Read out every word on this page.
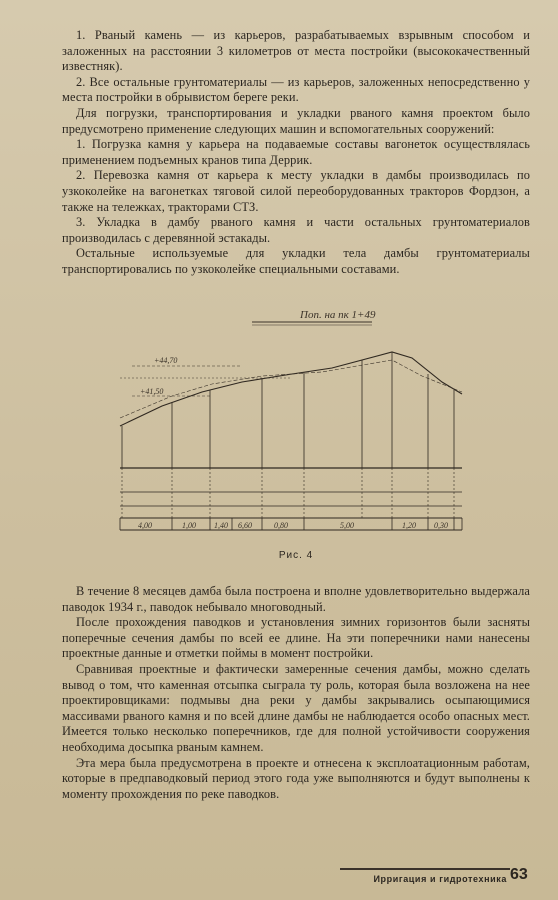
1. Рваный камень — из карьеров, разрабатываемых взрывным способом и заложенных на расстоянии 3 километров от места постройки (высококачественный известняк).

2. Все остальные грунтоматериалы — из карьеров, заложенных непосредственно у места постройки в обрывистом береге реки.

Для погрузки, транспортирования и укладки рваного камня проектом было предусмотрено применение следующих машин и вспомогательных сооружений:

1. Погрузка камня у карьера на подаваемые составы вагонеток осуществлялась применением подъемных кранов типа Деррик.

2. Перевозка камня от карьера к месту укладки в дамбы производилась по узкоколейке на вагонетках тяговой силой переоборудованных тракторов Фордзон, а также на тележках, тракторами СТЗ.

3. Укладка в дамбу рваного камня и части остальных грунтоматериалов производилась с деревянной эстакады.

Остальные используемые для укладки тела дамбы грунтоматериалы транспортировались по узкоколейке специальными составами.

Поп. на пк 1+49
+44,70
+41,50
4,00	1,00 1,40 6,60	0,80	5,00	1,20 0,30
Рис. 4

В течение 8 месяцев дамба была построена и вполне удовлетворительно выдержала паводок 1934 г., паводок небывало многоводный.

После прохождения паводков и установления зимних горизонтов были засняты поперечные сечения дамбы по всей ее длине. На эти поперечники нами нанесены проектные данные и отметки поймы в момент постройки.

Сравнивая проектные и фактически замеренные сечения дамбы, можно сделать вывод о том, что каменная отсыпка сыграла ту роль, которая была возложена на нее проектировщиками: подмывы дна реки у дамбы закрывались осыпающимися массивами рваного камня и по всей длине дамбы не наблюдается особо опасных мест. Имеется только несколько поперечников, где для полной устойчивости сооружения необходима досыпка рваным камнем.

Эта мера была предусмотрена в проекте и отнесена к эксплоатационным работам, которые в предпаводковый период этого года уже выполняются и будут выполнены к моменту прохождения по реке паводков.

Ирригация и гидротехника 63
